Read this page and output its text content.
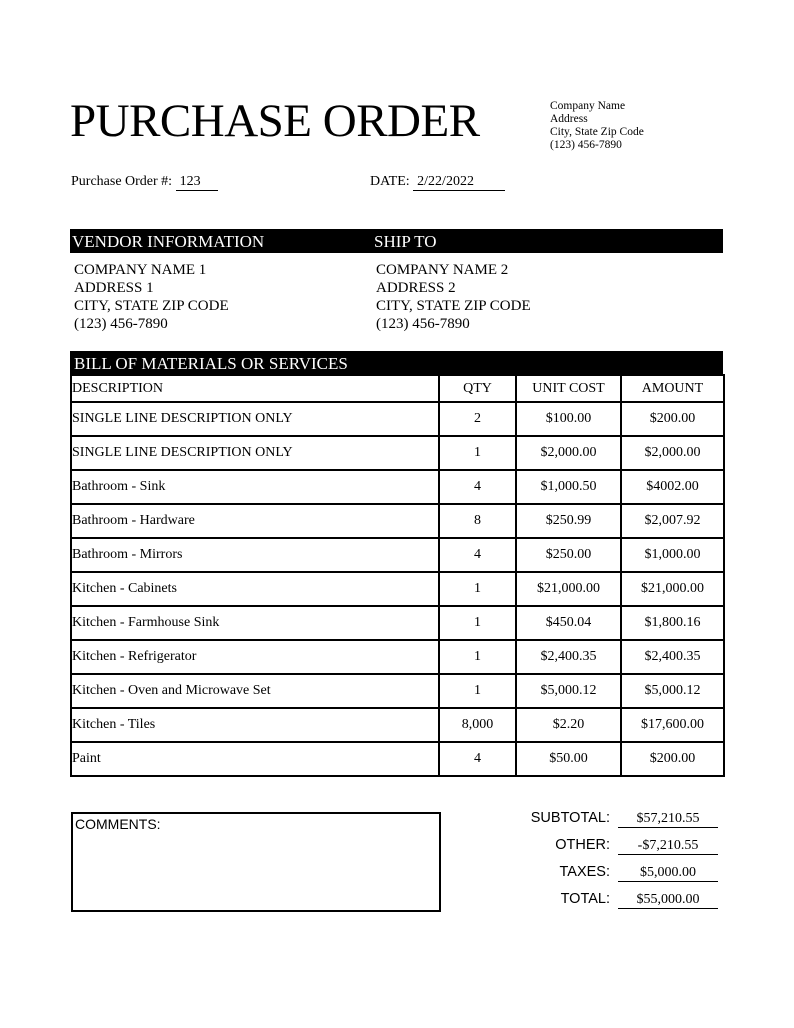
PURCHASE ORDER	Company Name
Address
City, State Zip Code
(123) 456-7890
Purchase Order #: 123	DATE: 2/22/2022
VENDOR INFORMATION	SHIP TO
COMPANY NAME 1
ADDRESS 1
CITY, STATE ZIP CODE
(123) 456-7890
COMPANY NAME 2
ADDRESS 2
CITY, STATE ZIP CODE
(123) 456-7890
BILL OF MATERIALS OR SERVICES
DESCRIPTION	QTY	UNIT COST	AMOUNT
SINGLE LINE DESCRIPTION ONLY	2	$100.00	$200.00
SINGLE LINE DESCRIPTION ONLY	1	$2,000.00	$2,000.00
Bathroom - Sink	4	$1,000.50	$4002.00
Bathroom - Hardware	8	$250.99	$2,007.92
Bathroom - Mirrors	4	$250.00	$1,000.00
Kitchen - Cabinets	1	$21,000.00	$21,000.00
Kitchen - Farmhouse Sink	1	$450.04	$1,800.16
Kitchen - Refrigerator	1	$2,400.35	$2,400.35
Kitchen - Oven and Microwave Set	1	$5,000.12	$5,000.12
Kitchen - Tiles	8,000	$2.20	$17,600.00
Paint	4	$50.00	$200.00
COMMENTS:	SUBTOTAL:	$57,210.55
OTHER:	-$7,210.55
TAXES:	$5,000.00
TOTAL:	$55,000.00
